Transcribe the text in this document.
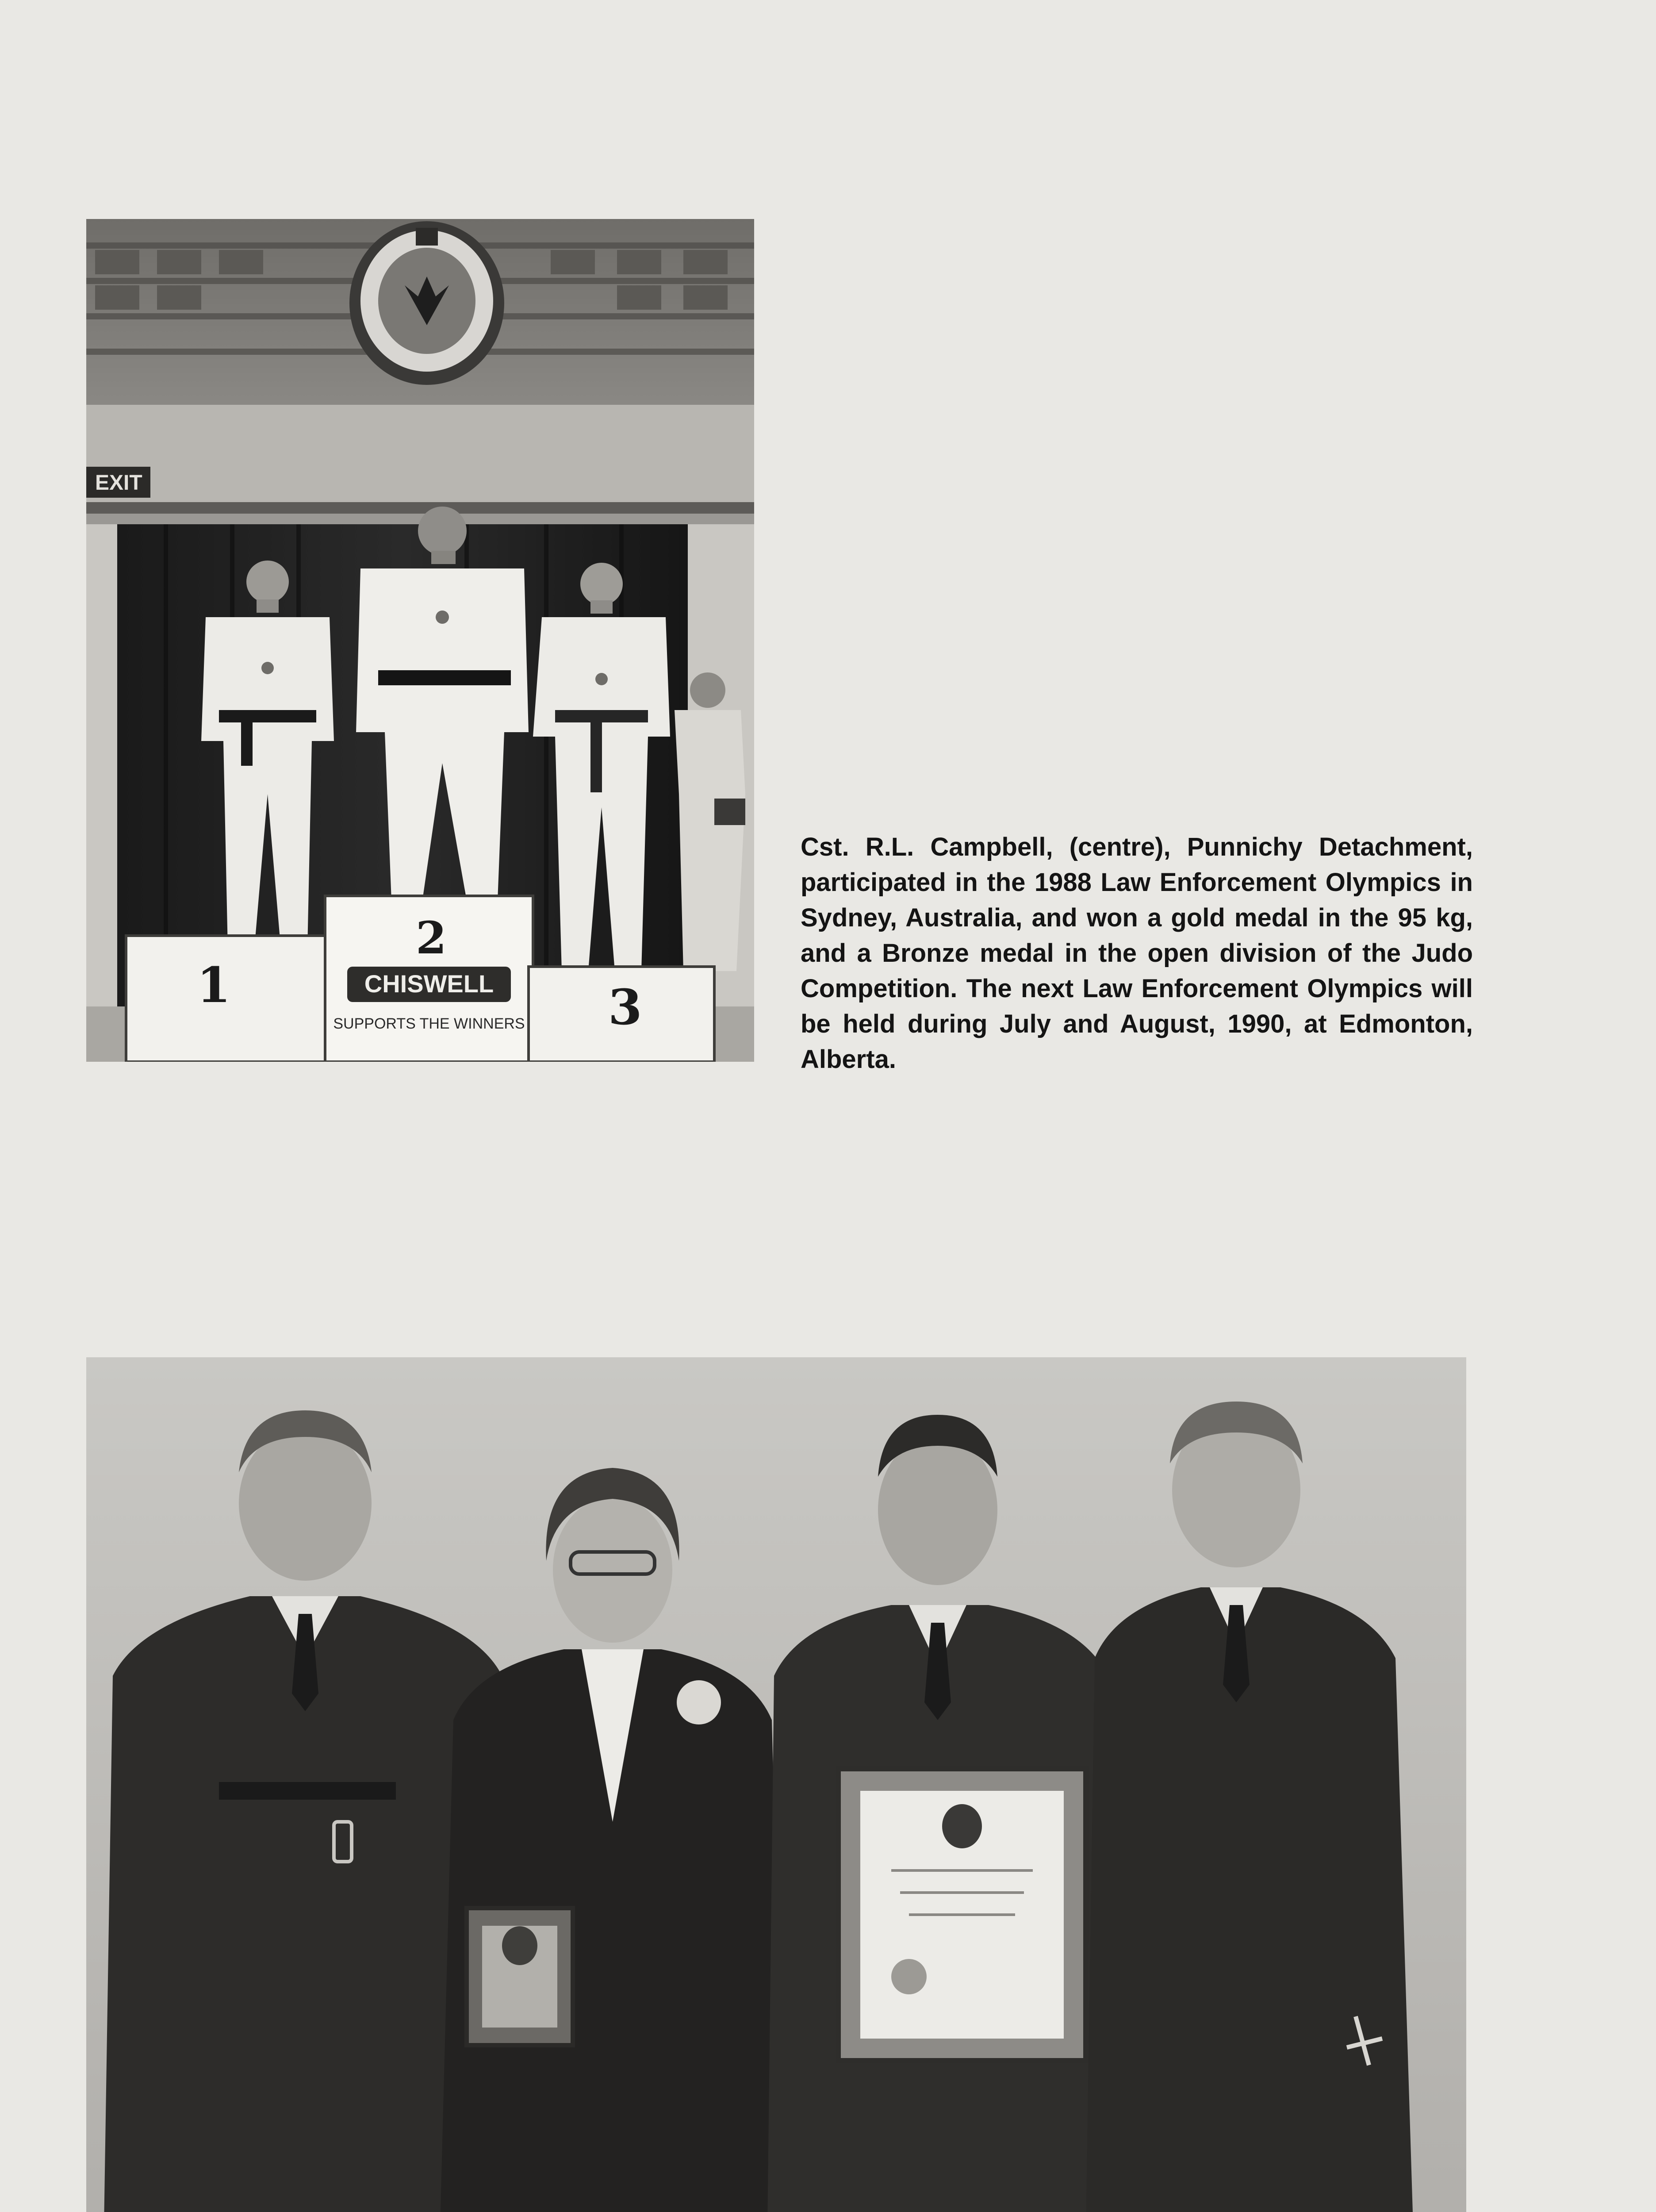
EXIT
1
2
3
CHISWELL
SUPPORTS THE WINNERS
Cst. R.L. Campbell, (centre), Punnichy Detachment, participated in the 1988 Law Enforcement Olympics in Sydney, Australia, and won a gold medal in the 95 kg, and a Bronze medal in the open division of the Judo Competition. The next Law Enforcement Olympics will be held during July and August, 1990, at Edmonton, Alberta.
